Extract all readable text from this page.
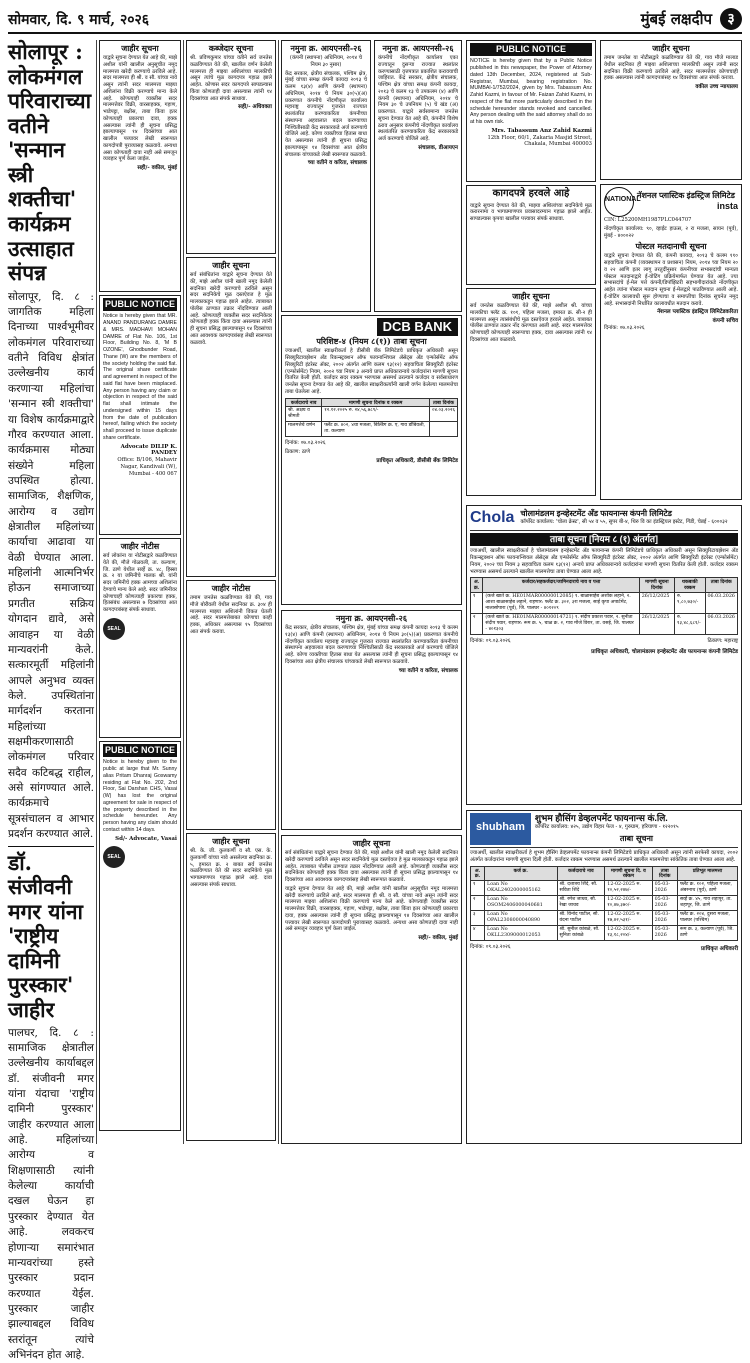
सोमवार, दि. ९ मार्च, २०२६	मुंबई लक्षदीप	३
सोलापूर : लोकमंगल परिवाराच्या वतीने 'सन्मान स्त्री शक्तीचा' कार्यक्रम उत्साहात संपन्न
सोलापूर, दि. ८ : जागतिक महिला दिनाच्या पार्श्वभूमीवर लोकमंगल परिवाराच्या वतीने विविध क्षेत्रांत उल्लेखनीय कार्य करणाऱ्या महिलांचा 'सन्मान स्त्री शक्तीचा' या विशेष कार्यक्रमाद्वारे गौरव करण्यात आला. कार्यक्रमास मोठ्या संख्येने महिला उपस्थित होत्या. सामाजिक, शैक्षणिक, आरोग्य व उद्योग क्षेत्रातील महिलांच्या कार्याचा आढावा या वेळी घेण्यात आला. महिलांनी आत्मनिर्भर होऊन समाजाच्या प्रगतीत सक्रिय योगदान द्यावे, असे आवाहन या वेळी मान्यवरांनी केले. सत्कारमूर्ती महिलांनी आपले अनुभव व्यक्त केले. उपस्थितांना मार्गदर्शन करताना महिलांच्या सक्षमीकरणासाठी लोकमंगल परिवार सदैव कटिबद्ध राहील, असे सांगण्यात आले. कार्यक्रमाचे सूत्रसंचालन व आभार प्रदर्शन करण्यात आले.
डॉ. संजीवनी मगर यांना 'राष्ट्रीय दामिनी पुरस्कार' जाहीर
पालघर, दि. ८ : सामाजिक क्षेत्रातील उल्लेखनीय कार्याबद्दल डॉ. संजीवनी मगर यांना यंदाचा 'राष्ट्रीय दामिनी पुरस्कार' जाहीर करण्यात आला आहे. महिलांच्या आरोग्य व शिक्षणासाठी त्यांनी केलेल्या कार्याची दखल घेऊन हा पुरस्कार देण्यात येत आहे. लवकरच होणाऱ्या समारंभात मान्यवरांच्या हस्ते पुरस्कार प्रदान करण्यात येईल. पुरस्कार जाहीर झाल्याबद्दल विविध स्तरांतून त्यांचे अभिनंदन होत आहे.
जाहीर सूचना
याद्वारे सूचना देण्यात येत आहे की, माझे अशील यांनी खालील अनुसूचीत नमूद मालमत्ता खरेदी करण्याचे ठरविले आहे. सदर मालमत्ता ही श्री. व सौ. यांच्या नावे असून त्यांनी सदर मालमत्ता माझ्या अशिलांना विक्री करण्याचे मान्य केले आहे. कोणत्याही व्यक्तीस सदर मालमत्तेवर विक्री, वारसाहक्क, गहाण, भाडेपट्टा, बक्षीस, ताबा किंवा इतर कोणत्याही प्रकारचा दावा, हक्क असल्यास त्यांनी ही सूचना प्रसिद्ध झाल्यापासून १४ दिवसांच्या आत खालील पत्त्यावर लेखी स्वरूपात कागदोपत्री पुराव्यासह कळवावे. अन्यथा असा कोणताही दावा नाही असे समजून व्यवहार पूर्ण केला जाईल.
सही/- वकील, मुंबई
PUBLIC NOTICE
Notice is hereby given that MR. ANAND PANDURANG DAMRE & MRS. MADHAVI MOHAN DAMRE of Flat No. 106, 1st Floor, Building No. 8, 'M B OZONE', Ghodbunder Road, Thane (W) are the members of the society holding the said flat. The original share certificate and agreement in respect of the said flat have been misplaced. Any person having any claim or objection in respect of the said flat shall intimate the undersigned within 15 days from the date of publication hereof, failing which the society shall proceed to issue duplicate share certificate.
Advocate DILIP K. PANDEY
Office: B/106, Mahavir Nagar, Kandivali (W), Mumbai - 400 067
जाहीर नोटीस
सर्व लोकांना या नोटीसद्वारे कळविण्यात येते की, मौजे गोळवली, ता. कल्याण, जि. ठाणे येथील सर्व्हे क्र. ४८, हिस्सा क्र. २ या जमिनीचे मालक श्री. यांनी सदर जमिनीचे हक्क आमच्या अशिलांना देण्याचे मान्य केले आहे. सदर जमिनीवर कोणाचाही कोणत्याही प्रकारचा हक्क, हितसंबंध असल्यास ७ दिवसांच्या आत कागदपत्रांसह संपर्क साधावा.
SEAL
PUBLIC NOTICE
Notice is hereby given to the public at large that Mr. Sunny alias Pritam Dhanraj Goswamy residing at Flat No. 202, 2nd Floor, Sai Darshan CHS, Vasai (W) has lost the original agreement for sale in respect of the property described in the schedule hereunder. Any person having any claim should contact within 14 days.
Sd/- Advocate, Vasai
SEAL
कब्जेदार सूचना
श्री. प्रविणकुमार यांच्या वतीने सर्व जनतेस कळविण्यात येते की, खालील वर्णन केलेली मालमत्ता ही माझ्या अशिलांच्या मालकीची असून त्यांचे मूळ कागदपत्र गहाळ झाले आहेत. कोणास सदर कागदपत्रे सापडल्यास किंवा कोणताही दावा असल्यास त्यांनी १४ दिवसांच्या आत संपर्क साधावा.
सही/- अधिवक्ता
जाहीर सूचना
सर्व संबंधितांना याद्वारे सूचना देण्यात येते की, माझे अशील यांनी खाली नमूद केलेली सदनिका खरेदी करण्याचे ठरविले असून सदर सदनिकेचे मूळ दस्तऐवज हे मूळ मालकाकडून गहाळ झाले आहेत. त्याबाबत पोलीस ठाण्यात तक्रार नोंदविण्यात आली आहे. कोणत्याही व्यक्तीस सदर सदनिकेवर कोणताही हक्क किंवा दावा असल्यास त्यांनी ही सूचना प्रसिद्ध झाल्यापासून १४ दिवसांच्या आत आवश्यक कागदपत्रांसह लेखी स्वरूपात कळवावे.
जाहीर नोटीस
तमाम जनतेस कळविण्यात येते की, गाव मौजे बोरीवली येथील सदनिका क्र. ३०४ ही मालमत्ता माझ्या अशिलांनी विकत घेतली आहे. सदर मालमत्तेबाबत कोणाचा काही हक्क, अधिकार असल्यास १५ दिवसांच्या आत संपर्क करावा.
जाहीर सूचना
श्री. के. जी. कुलकर्णी व सौ. एस. के. कुलकर्णी यांच्या नावे असलेल्या सदनिका क्र. ५, इमारत क्र. २ बाबत सर्व जनतेस कळविण्यात येते की सदर सदनिकेचे मूळ भागप्रमाणपत्र गहाळ झाले आहे. दावा असल्यास संपर्क साधावा.
नमुना क्र. आयएनसी-२६
(कंपनी (स्थापना) अधिनियम, २०१४ चे नियम ३० नुसार)
केंद्र सरकार, क्षेत्रीय संचालक, पश्चिम क्षेत्र, मुंबई यांच्या समक्ष कंपनी कायदा २०१३ चे कलम १३(४) आणि कंपनी (स्थापना) अधिनियम, २०१४ चे नियम ३०(५)(अ) प्रकरणात कंपनीचे नोंदणीकृत कार्यालय महाराष्ट्र राज्यातून गुजरात राज्यात स्थलांतरित करण्याकरिता कंपनीच्या संस्थापना अहवालात बदल करण्याच्या निश्चितीसाठी केंद्र सरकारकडे अर्ज करण्याचे योजिले आहे. कोणा व्यक्तीच्या हितास बाधा येत असल्यास त्यांनी ही सूचना प्रसिद्ध झाल्यापासून १४ दिवसांच्या आत क्षेत्रीय संचालक यांच्याकडे लेखी स्वरूपात कळवावे.
च्या वतीने व करिता, संचालक
नमुना क्र. आयएनसी-२६
कंपनीचे नोंदणीकृत कार्यालय एका राज्यातून दुसऱ्या राज्यात स्थलांतर करण्यासाठी वृत्तपत्रात प्रकाशित करावयाची जाहिरात. केंद्र सरकार, क्षेत्रीय संचालक, पश्चिम क्षेत्र यांच्या समक्ष कंपनी कायदा, २०१३ चे कलम १३ चे उपकलम (४) आणि कंपनी (स्थापना) अधिनियम, २०१४ चे नियम ३० चे उपनियम (५) चे खंड (अ) प्रकरणात. याद्वारे सर्वसामान्य जनतेस सूचना देण्यात येत आहे की, कंपनीने विशेष ठराव अनुसार कंपनीचे नोंदणीकृत कार्यालय स्थलांतरित करण्याकरिता केंद्र सरकारकडे अर्ज करण्याचे योजिले आहे.
संचालक, डीआयएन
DCB BANK
परिशिष्ट-४ (नियम ८(१)) ताबा सूचना
ज्याअर्थी, खालील स्वाक्षरीकर्ता हे डीसीबी बँक लिमिटेडचे प्राधिकृत अधिकारी असून सिक्युरिटायझेशन अँड रिकन्स्ट्रक्शन ऑफ फायनान्शियल ॲसेट्स अँड एन्फोर्समेंट ऑफ सिक्युरिटी इंटरेस्ट ॲक्ट, २००२ अंतर्गत आणि कलम १३(१२) सहवाचिता सिक्युरिटी इंटरेस्ट (एन्फोर्समेंट) नियम, २००२ च्या नियम ३ अन्वये प्राप्त अधिकारान्वये कर्जदारांना मागणी सूचना वितरित केली होती. कर्जदार सदर रक्कम भरण्यास असमर्थ ठरल्याने कर्जदार व सर्वसाधारण जनतेस सूचना देण्यात येत आहे की, खालील स्वाक्षरीकर्त्यांनी खाली वर्णन केलेल्या मालमत्तेचा ताबा घेतलेला आहे.
कर्जदाराचे नाव	मागणी सूचना दिनांक व रक्कम	ताबा दिनांक
श्री. अक्षय व श्रीमती	१२.१२.२०२५ रु. २४,५६,७८९/-	०४.०३.२०२६
मालमत्तेचे वर्णन	फ्लॅट क्र. ४०२, ४था मजला, बिल्डिंग क्र. ए, गाव डोंबिवली, ता. कल्याण	
दिनांक: ०७.०३.२०२६
ठिकाण: ठाणे
प्राधिकृत अधिकारी, डीसीबी बँक लिमिटेड
PUBLIC NOTICE
NOTICE is hereby given that by a Public Notice published in this newspaper, the Power of Attorney dated 13th December, 2024, registered at Sub-Registrar, Mumbai, bearing registration No. MUMBAI-1/752/2024, given by Mrs. Tabassum Anz Zahid Kazmi, in favour of Mr. Faizan Zahid Kazmi, in respect of the flat more particularly described in the schedule hereunder stands revoked and cancelled. Any person dealing with the said attorney shall do so at his own risk.
Mrs. Tabassum Anz Zahid Kazmi
12th Floor, 60/1, Zakaria Masjid Street, Chakala, Mumbai 400003
कागदपत्रे हरवले आहे
याद्वारे सूचना देण्यात येते की, माझ्या अशिलांच्या सदनिकेचे मूळ करारनामा व भागप्रमाणपत्र प्रवासादरम्यान गहाळ झाले आहेत. सापडल्यास कृपया खालील पत्त्यावर संपर्क साधावा.
जाहीर सूचना
सर्व जनतेस कळविण्यात येते की, माझे अशील श्री. यांच्या मालकीचा फ्लॅट क्र. १०१, पहिला मजला, इमारत क्र. सी-२ ही मालमत्ता असून त्यासंबंधीचे मूळ दस्तऐवज हरवले आहेत. याबाबत पोलीस ठाण्यात तक्रार नोंद करण्यात आली आहे. सदर मालमत्तेवर कोणाचाही कोणत्याही स्वरूपाचा हक्क, दावा असल्यास त्यांनी १४ दिवसांच्या आत कळवावे.
जाहीर सूचना
तमाम जनतेस या नोटीसद्वारे कळविण्यात येते की, गाव मौजे मालाड येथील सदनिका ही माझ्या अशिलाच्या मालकीची असून त्यांनी सदर सदनिका विक्री करण्याचे ठरविले आहे. सदर मालमत्तेवर कोणाचाही हक्क असल्यास त्यांनी कागदपत्रांसह १४ दिवसांच्या आत संपर्क करावा.
वकील उच्च न्यायालय
NATIONAL
नॅशनल प्लास्टिक इंडस्ट्रिज लिमिटेड
insta
CIN: L25200MH1987PLC044707
नोंदणीकृत कार्यालय: ९०, व्हाईट हाऊस, २ रा मजला, सायन (पूर्व), मुंबई - ४०००२२
पोस्टल मतदानाची सूचना
याद्वारे सूचना देण्यात येते की, कंपनी कायदा, २०१३ चे कलम ११० सहवाचिता कंपनी (व्यवस्थापन व प्रशासन) नियम, २०१४ च्या नियम २० व २२ आणि इतर लागू तरतुदींनुसार कंपनीच्या सभासदांची मान्यता पोस्टल मतदानाद्वारे ई-वोटिंग प्रक्रियेमार्फत घेण्यात येत आहे. ज्या सभासदांचे ई-मेल पत्ते कंपनी/डिपॉझिटरी सहभागीदारांकडे नोंदणीकृत आहेत त्यांना पोस्टल मतदान सूचना ई-मेलद्वारे पाठविण्यात आली आहे. ई-वोटिंग कालावधी सुरू होण्याचा व समाप्तीचा दिनांक सूचनेत नमूद आहे. सभासदांनी निर्धारित कालावधीत मतदान करावे.
नॅशनल प्लास्टिक इंडस्ट्रिज लिमिटेडकरिता
कंपनी सचिव
दिनांक: ०७.०३.२०२६
Chola चोलामंडलम इन्व्हेस्टमेंट अँड फायनान्स कंपनी लिमिटेड
कॉर्पोरेट कार्यालय: 'चोला क्रेस्ट', सी ५४ व ५५, सुपर बी-४, थिरु वि का इंडस्ट्रियल इस्टेट, गिंडी, चेन्नई - ६०००३२
ताबा सूचना [नियम ८ (१) अंतर्गत]
ज्याअर्थी, खालील स्वाक्षरीकर्ता हे चोलामंडलम इन्व्हेस्टमेंट अँड फायनान्स कंपनी लिमिटेडचे प्राधिकृत अधिकारी असून सिक्युरिटायझेशन अँड रिकन्स्ट्रक्शन ऑफ फायनान्शियल ॲसेट्स अँड एन्फोर्समेंट ऑफ सिक्युरिटी इंटरेस्ट ॲक्ट, २००२ अंतर्गत आणि सिक्युरिटी इंटरेस्ट (एन्फोर्समेंट) नियम, २००२ च्या नियम ३ सहवाचिता कलम १३(१२) अन्वये प्राप्त अधिकारान्वये कर्जदारांना मागणी सूचना वितरित केली होती. कर्जदार रक्कम भरण्यास असमर्थ ठरल्याने खालील मालमत्तेचा ताबा घेण्यात आला आहे.
अ. क्र.	कर्जदार/सहकर्जदार/जामिनदाराचे नाव व पत्ता	मागणी सूचना दिनांक	थकबाकी रक्कम	ताबा दिनांक
१	(कर्ज खाते क्र. HE01MAR00000012085) १. बाळासाहेब अशोक लहाने, २. आशा बाळासाहेब लहाने, राहणार: फ्लॅट क्र. ३०२, ३रा मजला, साई कृपा अपार्टमेंट, नालासोपारा (पूर्व), जि. पालघर - ४०१२०९	26/12/2025	रु. ९,८०,७३०/-	06.03.2026
२	(कर्ज खाते क्र. HE01MAR00000014721) १. संदीप प्रकाश पवार, २. सुनीता संदीप पवार, राहणार: रूम क्र. ५, चाळ क्र. २, गाव मौजे विरार, ता. वसई, जि. पालघर - ४०१३०३	26/12/2025	रु. १३,४८,६८१/-	06.03.2026
दिनांक: ०९.०३.२०२६	ठिकाण: महाराष्ट्र
प्राधिकृत अधिकारी, चोलामंडलम इन्व्हेस्टमेंट अँड फायनान्स कंपनी लिमिटेड
नमुना क्र. आयएनसी-२६
केंद्र सरकार, क्षेत्रीय संचालक, पश्चिम क्षेत्र, मुंबई यांच्या समक्ष कंपनी कायदा २०१३ चे कलम १३(४) आणि कंपनी (स्थापना) अधिनियम, २०१४ चे नियम ३०(५)(अ) प्रकरणात कंपनीचे नोंदणीकृत कार्यालय महाराष्ट्र राज्यातून गुजरात राज्यात स्थलांतरित करण्याकरिता कंपनीच्या संस्थापना अहवालात बदल करण्याच्या निश्चितीसाठी केंद्र सरकारकडे अर्ज करण्याचे योजिले आहे. कोणा व्यक्तीच्या हितास बाधा येत असल्यास त्यांनी ही सूचना प्रसिद्ध झाल्यापासून १४ दिवसांच्या आत क्षेत्रीय संचालक यांच्याकडे लेखी स्वरूपात कळवावे.
च्या वतीने व करिता, संचालक
जाहीर सूचना
सर्व संबंधितांना याद्वारे सूचना देण्यात येते की, माझे अशील यांनी खाली नमूद केलेली सदनिका खरेदी करण्याचे ठरविले असून सदर सदनिकेचे मूळ दस्तऐवज हे मूळ मालकाकडून गहाळ झाले आहेत. त्याबाबत पोलीस ठाण्यात तक्रार नोंदविण्यात आली आहे. कोणत्याही व्यक्तीस सदर सदनिकेवर कोणताही हक्क किंवा दावा असल्यास त्यांनी ही सूचना प्रसिद्ध झाल्यापासून १४ दिवसांच्या आत आवश्यक कागदपत्रांसह लेखी स्वरूपात कळवावे.
याद्वारे सूचना देण्यात येत आहे की, माझे अशील यांनी खालील अनुसूचीत नमूद मालमत्ता खरेदी करण्याचे ठरविले आहे. सदर मालमत्ता ही श्री. व सौ. यांच्या नावे असून त्यांनी सदर मालमत्ता माझ्या अशिलांना विक्री करण्याचे मान्य केले आहे. कोणत्याही व्यक्तीस सदर मालमत्तेवर विक्री, वारसाहक्क, गहाण, भाडेपट्टा, बक्षीस, ताबा किंवा इतर कोणत्याही प्रकारचा दावा, हक्क असल्यास त्यांनी ही सूचना प्रसिद्ध झाल्यापासून १४ दिवसांच्या आत खालील पत्त्यावर लेखी स्वरूपात कागदोपत्री पुराव्यासह कळवावे. अन्यथा असा कोणताही दावा नाही असे समजून व्यवहार पूर्ण केला जाईल.
सही/- वकील, मुंबई
shubham
शुभम हौसिंग डेव्हलपमेंट फायनान्स कं.लि.
कॉर्पोरेट कार्यालय: ४२५, उद्योग विहार फेज - ४, गुरुग्राम, हरियाणा - १२२०१५
ताबा सूचना
ज्याअर्थी, खालील स्वाक्षरीकर्ता हे शुभम हौसिंग डेव्हलपमेंट फायनान्स कंपनी लिमिटेडचे प्राधिकृत अधिकारी असून त्यांनी सरफेसी कायदा, २००२ अंतर्गत कर्जदारांना मागणी सूचना दिली होती. कर्जदार रक्कम भरण्यास असमर्थ ठरल्याने खालील मालमत्तेचा सांकेतिक ताबा घेण्यात आला आहे.
अ. क्र.	कर्ज क्र.	कर्जदाराचे नाव	मागणी सूचना दि. व रक्कम	ताबा दिनांक	प्रतिभूत मालमत्ता
१	Loan No OKAL2402000005162	श्री. दत्तात्रय शिंदे, सौ. सविता शिंदे	12-02-2025 रु. १०,५२,२४७/-	05-03-2026	फ्लॅट क्र. १०२, पहिला मजला, अंबरनाथ (पूर्व), ठाणे
२	Loan No OSOM2406000040681	श्री. रमेश जाधव, सौ. रेखा जाधव	12-02-2025 रु. १०,४७,३७०/-	05-03-2026	सर्व्हे क्र. ४५, गाव शहापूर, ता. शहापूर, जि. ठाणे
३	Loan No OPAL2308000040890	श्री. विनोद पाटील, सौ. वंदना पाटील	12-02-2025 रु. १७,४२,५३१/-	05-03-2026	फ्लॅट क्र. २०४, दुसरा मजला, पालघर (पश्चिम)
४	Loan No OKLL2309000012053	श्री. सुनील कांबळे, सौ. सुनिता कांबळे	12-02-2025 रु. १३,१८,२०४/-	05-03-2026	रूम क्र. ३, कल्याण (पूर्व), जि. ठाणे
दिनांक: ०९.०३.२०२६	प्राधिकृत अधिकारी
